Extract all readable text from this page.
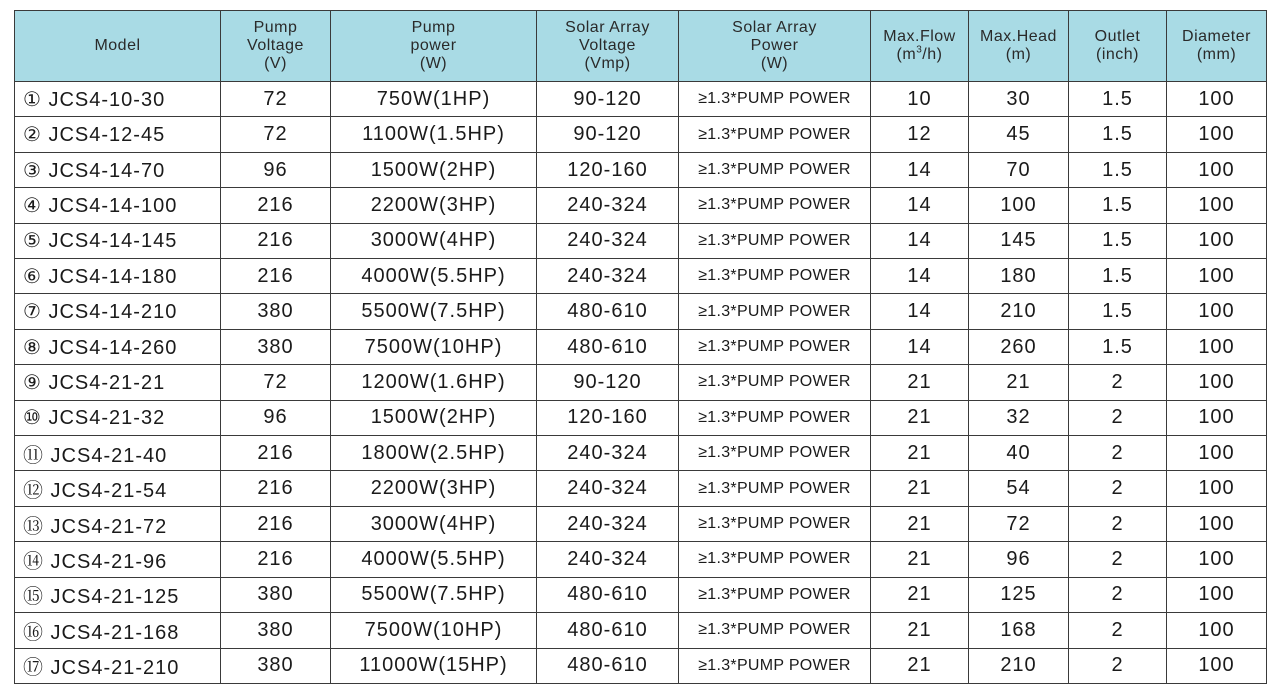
Model	Pump
Voltage
(V)	Pump
power
(W)	Solar Array
Voltage
(Vmp)	Solar Array
Power
(W)	Max.Flow
$(m^3/h)$	Max.Head
(m)	Outlet
(inch)	Diameter
(mm)

① JCS4-10-30	72	750W(1HP)	90-120	≥1.3*PUMP POWER	10	30	1.5	100
② JCS4-12-45	72	1100W(1.5HP)	90-120	≥1.3*PUMP POWER	12	45	1.5	100
③ JCS4-14-70	96	1500W(2HP)	120-160	≥1.3*PUMP POWER	14	70	1.5	100
④ JCS4-14-100	216	2200W(3HP)	240-324	≥1.3*PUMP POWER	14	100	1.5	100
⑤ JCS4-14-145	216	3000W(4HP)	240-324	≥1.3*PUMP POWER	14	145	1.5	100
⑥ JCS4-14-180	216	4000W(5.5HP)	240-324	≥1.3*PUMP POWER	14	180	1.5	100
⑦ JCS4-14-210	380	5500W(7.5HP)	480-610	≥1.3*PUMP POWER	14	210	1.5	100
⑧ JCS4-14-260	380	7500W(10HP)	480-610	≥1.3*PUMP POWER	14	260	1.5	100
⑨ JCS4-21-21	72	1200W(1.6HP)	90-120	≥1.3*PUMP POWER	21	21	2	100
⑩ JCS4-21-32	96	1500W(2HP)	120-160	≥1.3*PUMP POWER	21	32	2	100
⑪ JCS4-21-40	216	1800W(2.5HP)	240-324	≥1.3*PUMP POWER	21	40	2	100
⑫ JCS4-21-54	216	2200W(3HP)	240-324	≥1.3*PUMP POWER	21	54	2	100
⑬ JCS4-21-72	216	3000W(4HP)	240-324	≥1.3*PUMP POWER	21	72	2	100
⑭ JCS4-21-96	216	4000W(5.5HP)	240-324	≥1.3*PUMP POWER	21	96	2	100
⑮ JCS4-21-125	380	5500W(7.5HP)	480-610	≥1.3*PUMP POWER	21	125	2	100
⑯ JCS4-21-168	380	7500W(10HP)	480-610	≥1.3*PUMP POWER	21	168	2	100
⑰ JCS4-21-210	380	11000W(15HP)	480-610	≥1.3*PUMP POWER	21	210	2	100
